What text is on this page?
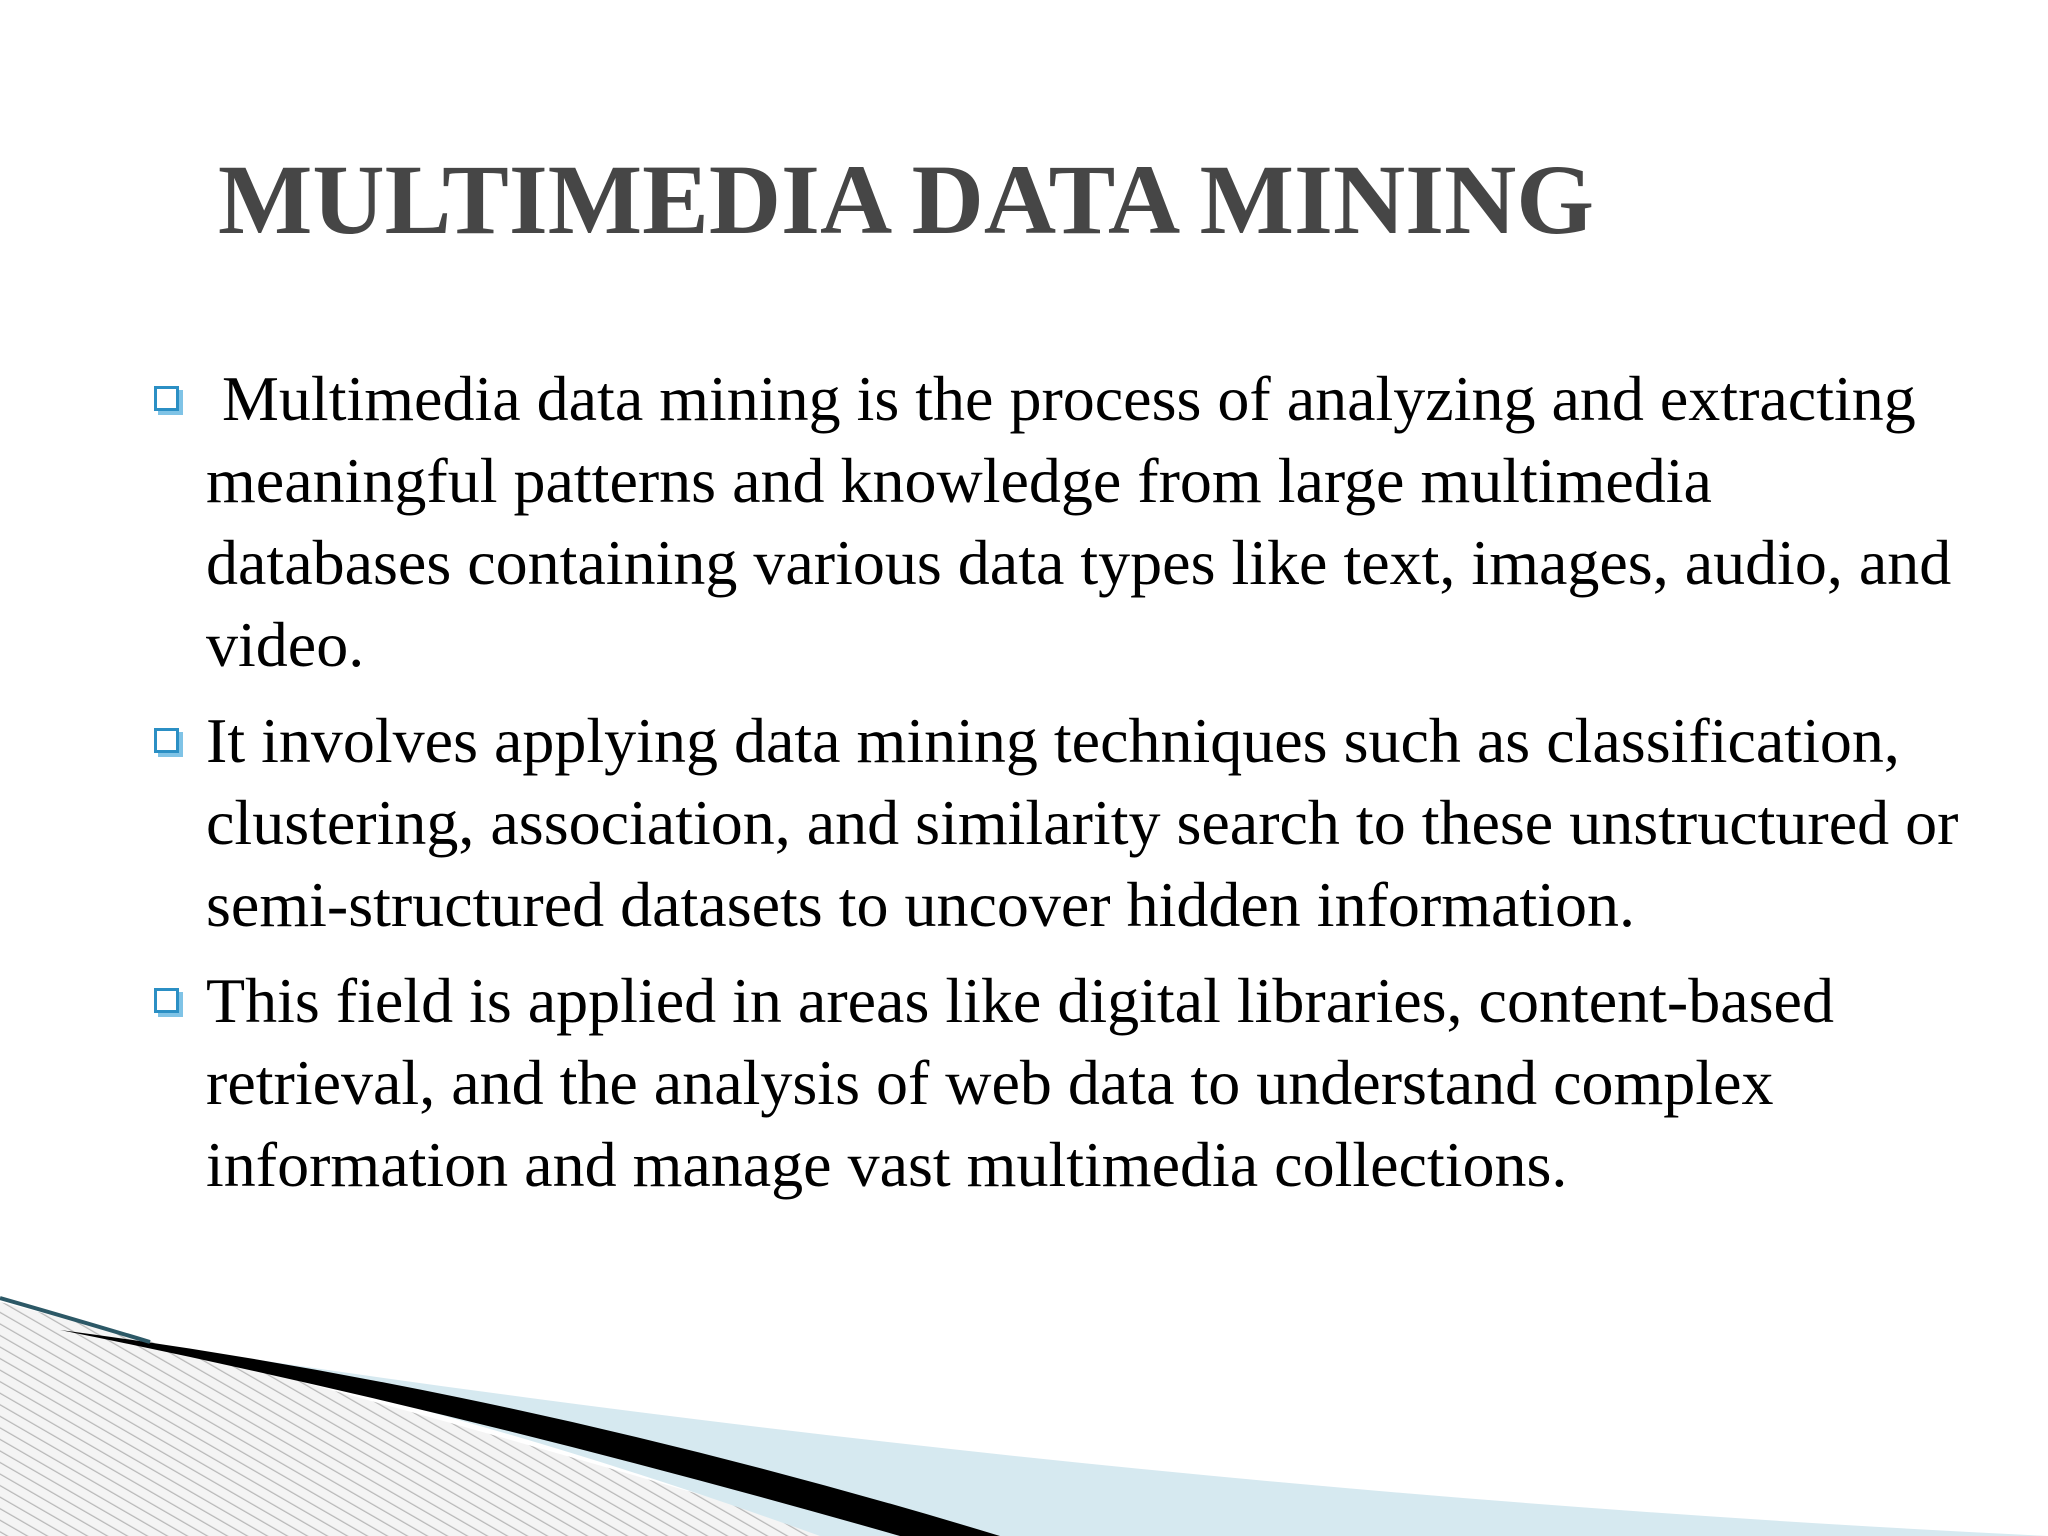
MULTIMEDIA DATA MINING
Multimedia data mining is the process of analyzing and extracting meaningful patterns and knowledge from large multimedia databases containing various data types like text, images, audio, and video.
It involves applying data mining techniques such as classification, clustering, association, and similarity search to these unstructured or semi-structured datasets to uncover hidden information.
This field is applied in areas like digital libraries, content-based retrieval, and the analysis of web data to understand complex information and manage vast multimedia collections.
